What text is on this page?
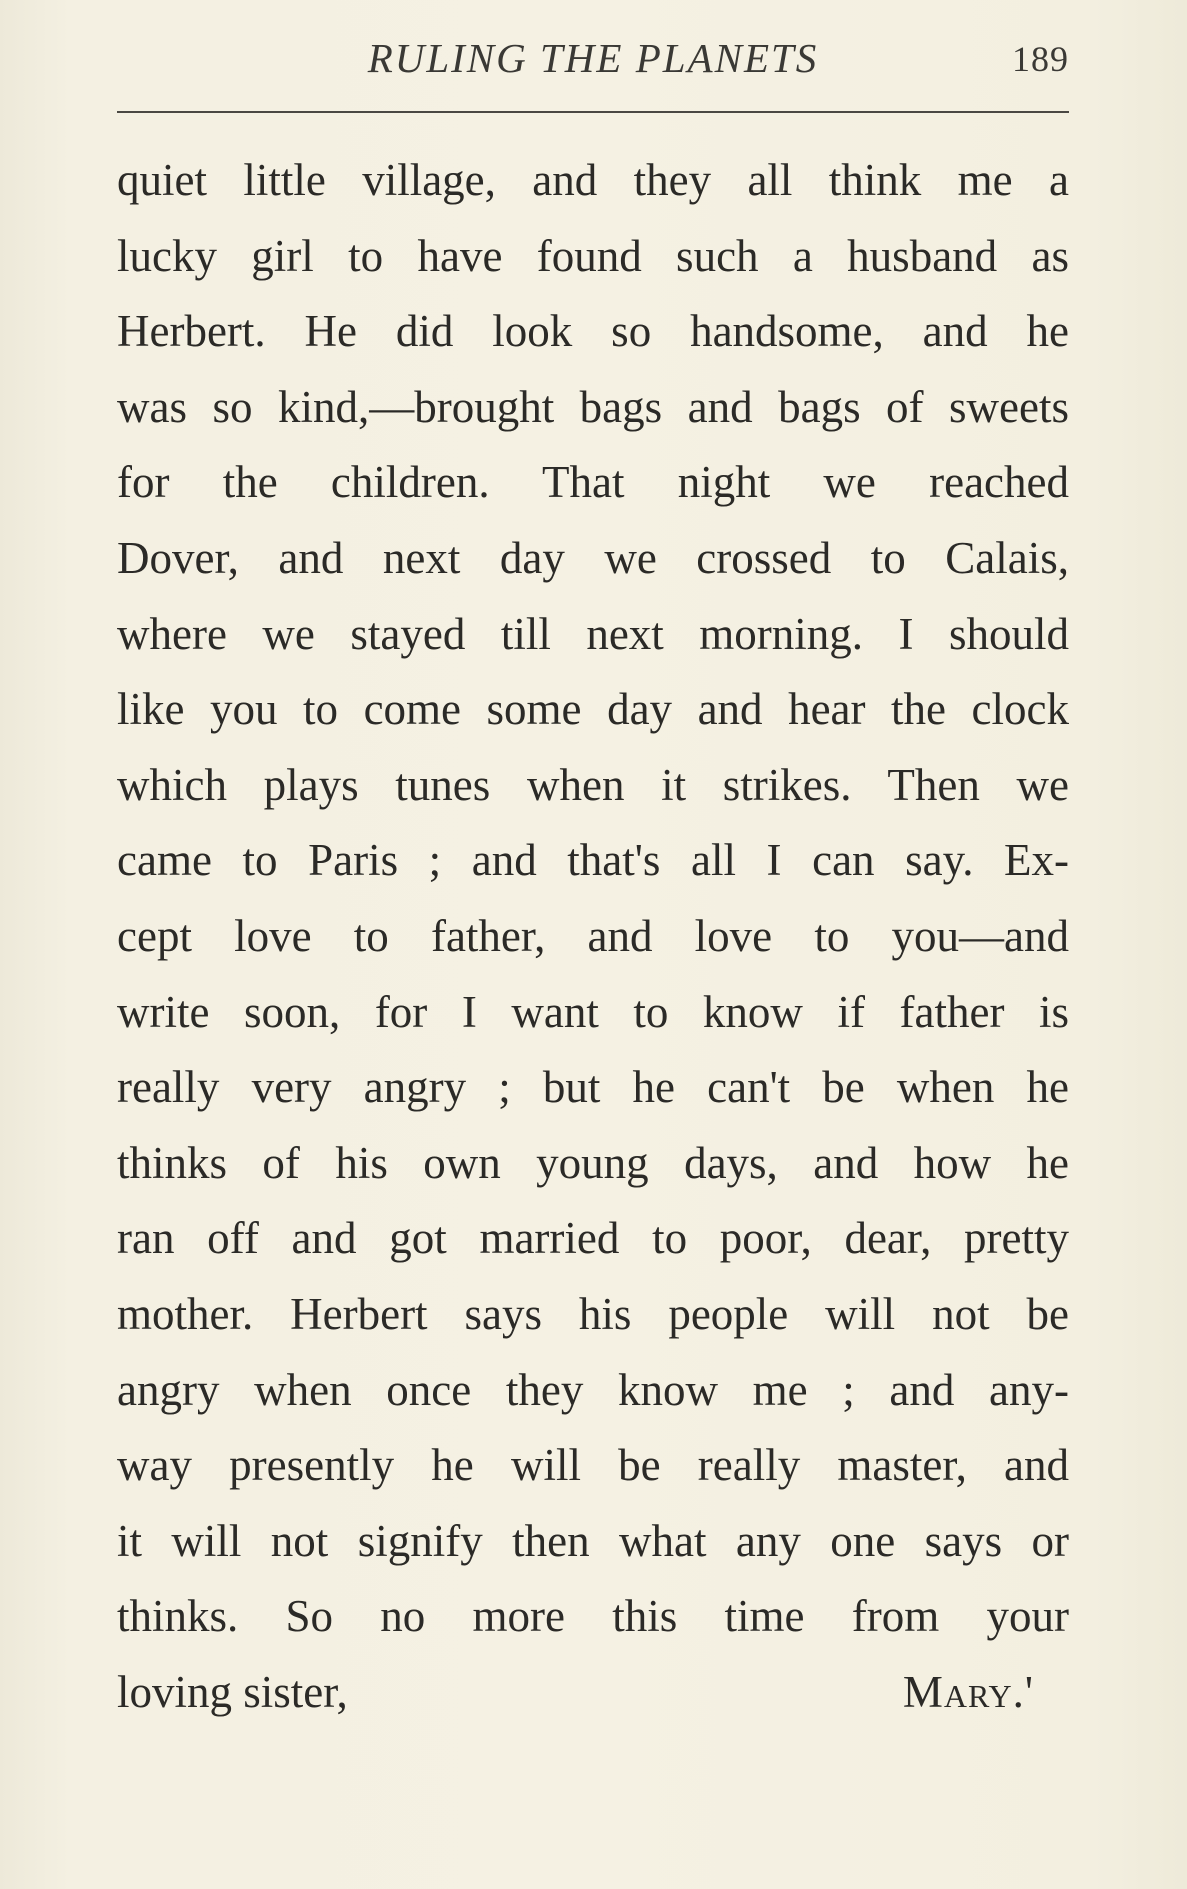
RULING THE PLANETS	189
quiet little village, and they all think me a
lucky girl to have found such a husband as
Herbert. He did look so handsome, and he
was so kind,—brought bags and bags of sweets
for the children. That night we reached
Dover, and next day we crossed to Calais,
where we stayed till next morning. I should
like you to come some day and hear the clock
which plays tunes when it strikes. Then we
came to Paris ; and that's all I can say. Ex-
cept love to father, and love to you—and
write soon, for I want to know if father is
really very angry ; but he can't be when he
thinks of his own young days, and how he
ran off and got married to poor, dear, pretty
mother. Herbert says his people will not be
angry when once they know me ; and any-
way presently he will be really master, and
it will not signify then what any one says or
thinks. So no more this time from your
loving sister,	Mary.'
